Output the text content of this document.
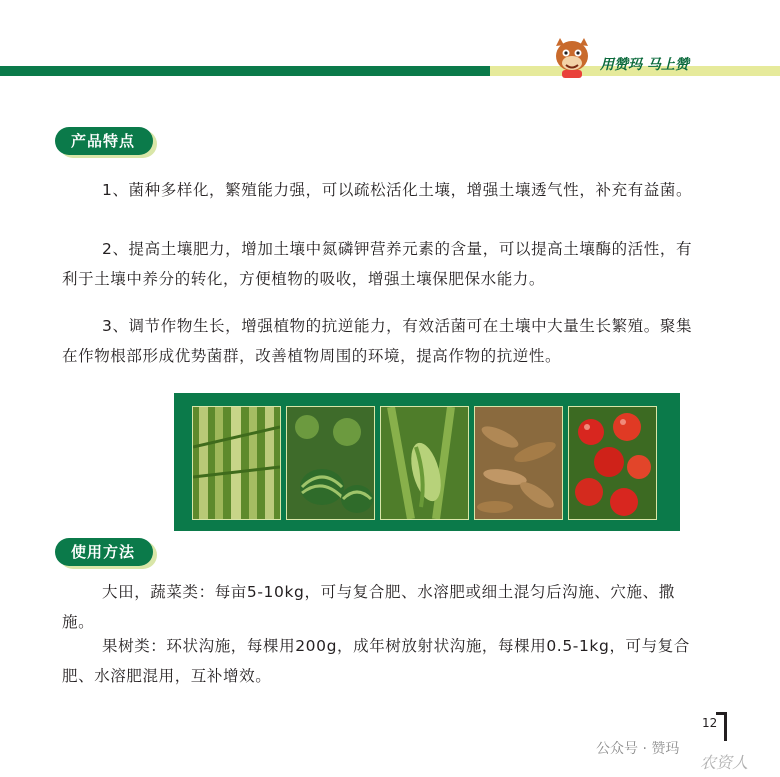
用赞玛 马上赞
产品特点
1、菌种多样化，繁殖能力强，可以疏松活化土壤，增强土壤透气性，补充有益菌。
2、提高土壤肥力，增加土壤中氮磷钾营养元素的含量，可以提高土壤酶的活性，有利于土壤中养分的转化，方便植物的吸收，增强土壤保肥保水能力。
3、调节作物生长，增强植物的抗逆能力，有效活菌可在土壤中大量生长繁殖。聚集在作物根部形成优势菌群，改善植物周围的环境，提高作物的抗逆性。
使用方法
大田，蔬菜类：每亩5-10kg，可与复合肥、水溶肥或细土混匀后沟施、穴施、撒施。
果树类：环状沟施，每棵用200g，成年树放射状沟施，每棵用0.5-1kg，可与复合肥、水溶肥混用，互补增效。
12
公众号 · 赞玛
农资人
